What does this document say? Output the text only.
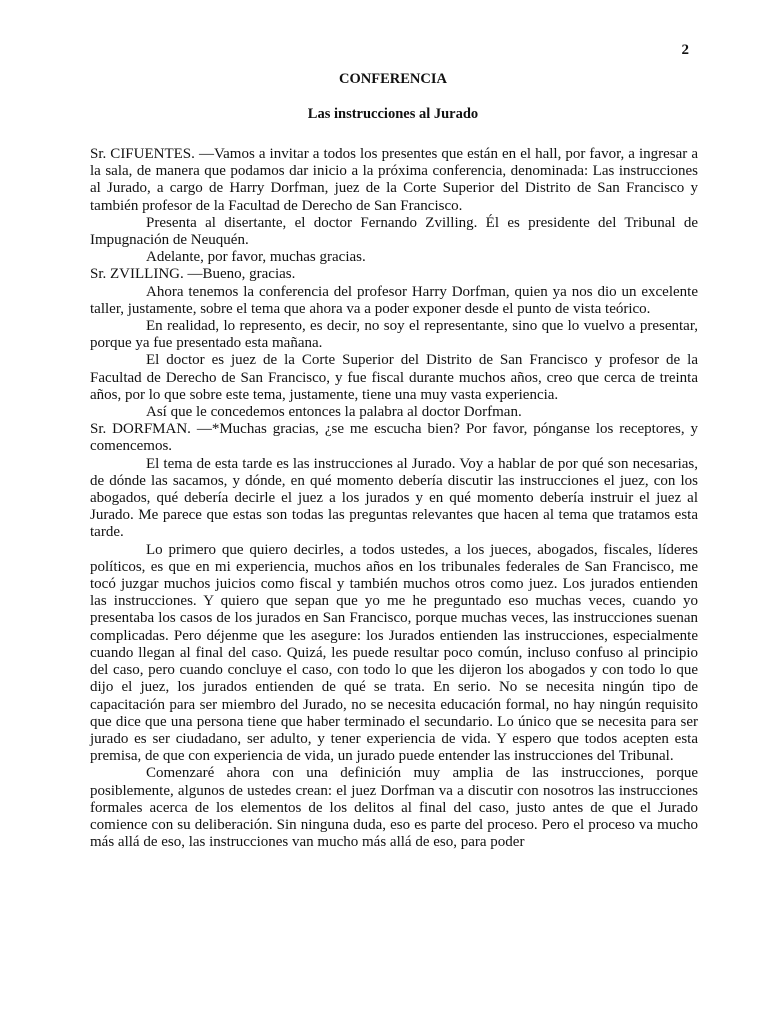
2
CONFERENCIA
Las instrucciones al Jurado

Sr. CIFUENTES. —Vamos a invitar a todos los presentes que están en el hall, por favor, a ingresar a la sala, de manera que podamos dar inicio a la próxima conferencia, denominada: Las instrucciones al Jurado, a cargo de Harry Dorfman, juez de la Corte Superior del Distrito de San Francisco y también profesor de la Facultad de Derecho de San Francisco.

Presenta al disertante, el doctor Fernando Zvilling. Él es presidente del Tribunal de Impugnación de Neuquén.

Adelante, por favor, muchas gracias.

Sr. ZVILLING. —Bueno, gracias.

Ahora tenemos la conferencia del profesor Harry Dorfman, quien ya nos dio un excelente taller, justamente, sobre el tema que ahora va a poder exponer desde el punto de vista teórico.

En realidad, lo represento, es decir, no soy el representante, sino que lo vuelvo a presentar, porque ya fue presentado esta mañana.

El doctor es juez de la Corte Superior del Distrito de San Francisco y profesor de la Facultad de Derecho de San Francisco, y fue fiscal durante muchos años, creo que cerca de treinta años, por lo que sobre este tema, justamente, tiene una muy vasta experiencia.

Así que le concedemos entonces la palabra al doctor Dorfman.

Sr. DORFMAN. —*Muchas gracias, ¿se me escucha bien? Por favor, pónganse los receptores, y comencemos.

El tema de esta tarde es las instrucciones al Jurado. Voy a hablar de por qué son necesarias, de dónde las sacamos, y dónde, en qué momento debería discutir las instrucciones el juez, con los abogados, qué debería decirle el juez a los jurados y en qué momento debería instruir el juez al Jurado. Me parece que estas son todas las preguntas relevantes que hacen al tema que tratamos esta tarde.

Lo primero que quiero decirles, a todos ustedes, a los jueces, abogados, fiscales, líderes políticos, es que en mi experiencia, muchos años en los tribunales federales de San Francisco, me tocó juzgar muchos juicios como fiscal y también muchos otros como juez. Los jurados entienden las instrucciones. Y quiero que sepan que yo me he preguntado eso muchas veces, cuando yo presentaba los casos de los jurados en San Francisco, porque muchas veces, las instrucciones suenan complicadas. Pero déjenme que les asegure: los Jurados entienden las instrucciones, especialmente cuando llegan al final del caso. Quizá, les puede resultar poco común, incluso confuso al principio del caso, pero cuando concluye el caso, con todo lo que les dijeron los abogados y con todo lo que dijo el juez, los jurados entienden de qué se trata. En serio. No se necesita ningún tipo de capacitación para ser miembro del Jurado, no se necesita educación formal, no hay ningún requisito que dice que una persona tiene que haber terminado el secundario. Lo único que se necesita para ser jurado es ser ciudadano, ser adulto, y tener experiencia de vida. Y espero que todos acepten esta premisa, de que con experiencia de vida, un jurado puede entender las instrucciones del Tribunal.

Comenzaré ahora con una definición muy amplia de las instrucciones, porque posiblemente, algunos de ustedes crean: el juez Dorfman va a discutir con nosotros las instrucciones formales acerca de los elementos de los delitos al final del caso, justo antes de que el Jurado comience con su deliberación. Sin ninguna duda, eso es parte del proceso. Pero el proceso va mucho más allá de eso, las instrucciones van mucho más allá de eso, para poder
